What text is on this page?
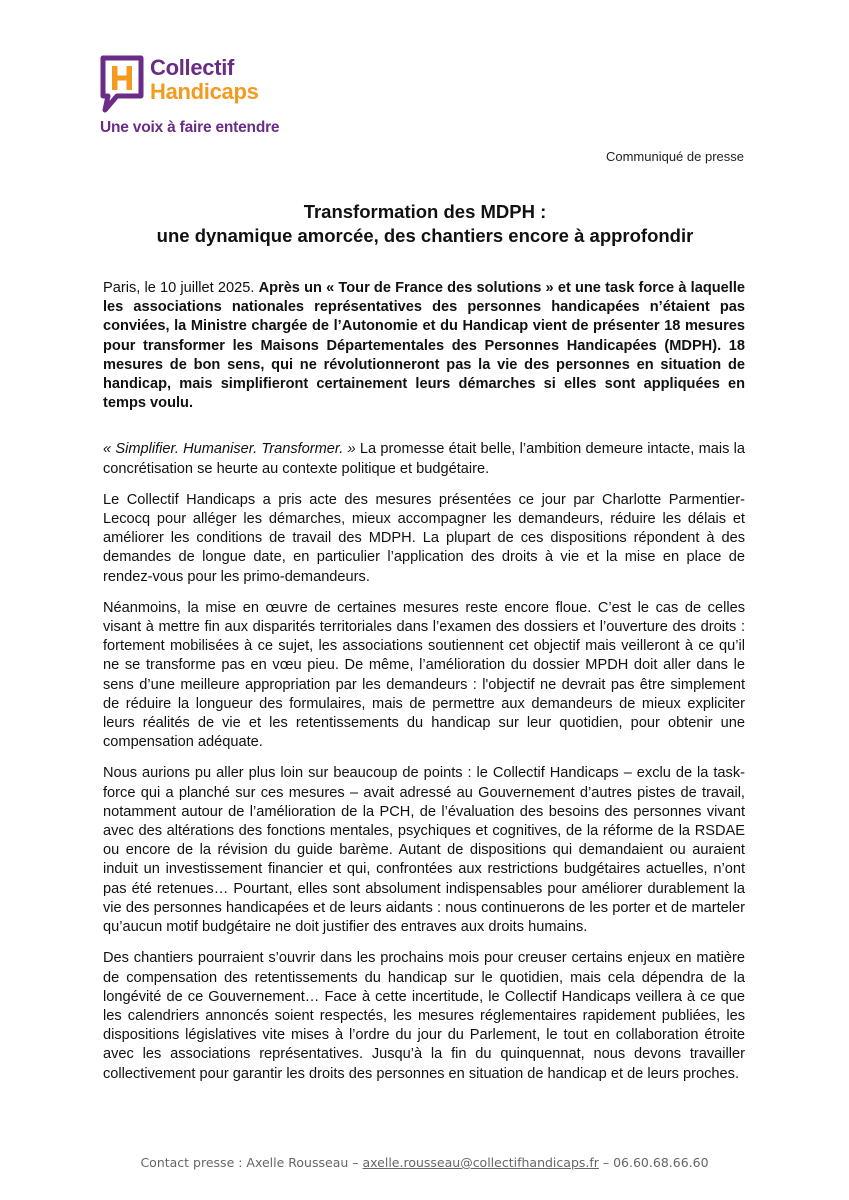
Collectif
Handicaps
Une voix à faire entendre
Communiqué de presse
Transformation des MDPH :
une dynamique amorcée, des chantiers encore à approfondir

Paris, le 10 juillet 2025. Après un « Tour de France des solutions » et une task force à laquelle les associations nationales représentatives des personnes handicapées n’étaient pas conviées, la Ministre chargée de l’Autonomie et du Handicap vient de présenter 18 mesures pour transformer les Maisons Départementales des Personnes Handicapées (MDPH). 18 mesures de bon sens, qui ne révolutionneront pas la vie des personnes en situation de handicap, mais simplifieront certainement leurs démarches si elles sont appliquées en temps voulu.

« Simplifier. Humaniser. Transformer. » La promesse était belle, l’ambition demeure intacte, mais la concrétisation se heurte au contexte politique et budgétaire.

Le Collectif Handicaps a pris acte des mesures présentées ce jour par Charlotte Parmentier-Lecocq pour alléger les démarches, mieux accompagner les demandeurs, réduire les délais et améliorer les conditions de travail des MDPH. La plupart de ces dispositions répondent à des demandes de longue date, en particulier l’application des droits à vie et la mise en place de rendez-vous pour les primo-demandeurs.

Néanmoins, la mise en œuvre de certaines mesures reste encore floue. C’est le cas de celles visant à mettre fin aux disparités territoriales dans l’examen des dossiers et l’ouverture des droits : fortement mobilisées à ce sujet, les associations soutiennent cet objectif mais veilleront à ce qu’il ne se transforme pas en vœu pieu. De même, l’amélioration du dossier MPDH doit aller dans le sens d’une meilleure appropriation par les demandeurs : l'objectif ne devrait pas être simplement de réduire la longueur des formulaires, mais de permettre aux demandeurs de mieux expliciter leurs réalités de vie et les retentissements du handicap sur leur quotidien, pour obtenir une compensation adéquate.

Nous aurions pu aller plus loin sur beaucoup de points : le Collectif Handicaps – exclu de la task-force qui a planché sur ces mesures – avait adressé au Gouvernement d’autres pistes de travail, notamment autour de l’amélioration de la PCH, de l’évaluation des besoins des personnes vivant avec des altérations des fonctions mentales, psychiques et cognitives, de la réforme de la RSDAE ou encore de la révision du guide barème. Autant de dispositions qui demandaient ou auraient induit un investissement financier et qui, confrontées aux restrictions budgétaires actuelles, n’ont pas été retenues… Pourtant, elles sont absolument indispensables pour améliorer durablement la vie des personnes handicapées et de leurs aidants : nous continuerons de les porter et de marteler qu’aucun motif budgétaire ne doit justifier des entraves aux droits humains.

Des chantiers pourraient s’ouvrir dans les prochains mois pour creuser certains enjeux en matière de compensation des retentissements du handicap sur le quotidien, mais cela dépendra de la longévité de ce Gouvernement… Face à cette incertitude, le Collectif Handicaps veillera à ce que les calendriers annoncés soient respectés, les mesures réglementaires rapidement publiées, les dispositions législatives vite mises à l’ordre du jour du Parlement, le tout en collaboration étroite avec les associations représentatives. Jusqu’à la fin du quinquennat, nous devons travailler collectivement pour garantir les droits des personnes en situation de handicap et de leurs proches.

Contact presse : Axelle Rousseau – axelle.rousseau@collectifhandicaps.fr – 06.60.68.66.60
